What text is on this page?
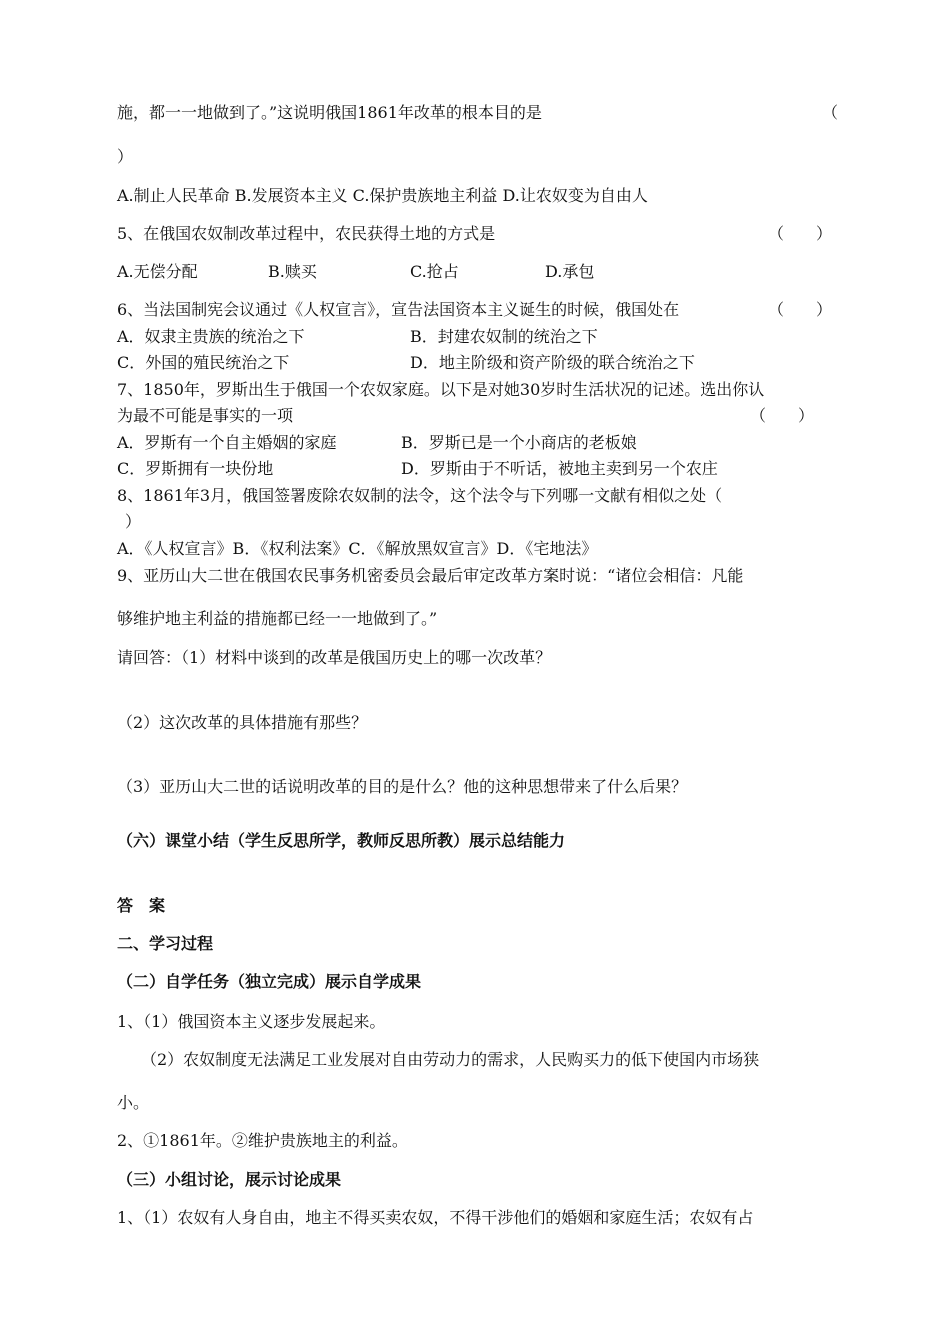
施，都一一地做到了。”这说明俄国1861年改革的根本目的是	（
）
A.制止人民革命 B.发展资本主义 C.保护贵族地主利益 D.让农奴变为自由人
5、在俄国农奴制改革过程中，农民获得土地的方式是	（　　）
A.无偿分配	B.赎买	C.抢占	D.承包
6、当法国制宪会议通过《人权宣言》，宣告法国资本主义诞生的时候，俄国处在	（　　）
A．奴隶主贵族的统治之下	B．封建农奴制的统治之下
C．外国的殖民统治之下	D．地主阶级和资产阶级的联合统治之下
7、1850年，罗斯出生于俄国一个农奴家庭。以下是对她30岁时生活状况的记述。选出你认
为最不可能是事实的一项	（　　）
A．罗斯有一个自主婚姻的家庭	B．罗斯已是一个小商店的老板娘
C．罗斯拥有一块份地	D．罗斯由于不听话，被地主卖到另一个农庄
8、1861年3月，俄国签署废除农奴制的法令，这个法令与下列哪一文献有相似之处（
）
A．《人权宣言》B．《权利法案》C．《解放黑奴宣言》D．《宅地法》
9、亚历山大二世在俄国农民事务机密委员会最后审定改革方案时说：“诸位会相信：凡能
够维护地主利益的措施都已经一一地做到了。”
请回答：（1）材料中谈到的改革是俄国历史上的哪一次改革？
（2）这次改革的具体措施有那些？
（3）亚历山大二世的话说明改革的目的是什么？他的这种思想带来了什么后果？
（六）课堂小结（学生反思所学，教师反思所教）展示总结能力
答　案
二、学习过程
（二）自学任务（独立完成）展示自学成果
1、（1）俄国资本主义逐步发展起来。
（2）农奴制度无法满足工业发展对自由劳动力的需求，人民购买力的低下使国内市场狭
小。
2、①1861年。②维护贵族地主的利益。
（三）小组讨论，展示讨论成果
1、（1）农奴有人身自由，地主不得买卖农奴，不得干涉他们的婚姻和家庭生活；农奴有占
